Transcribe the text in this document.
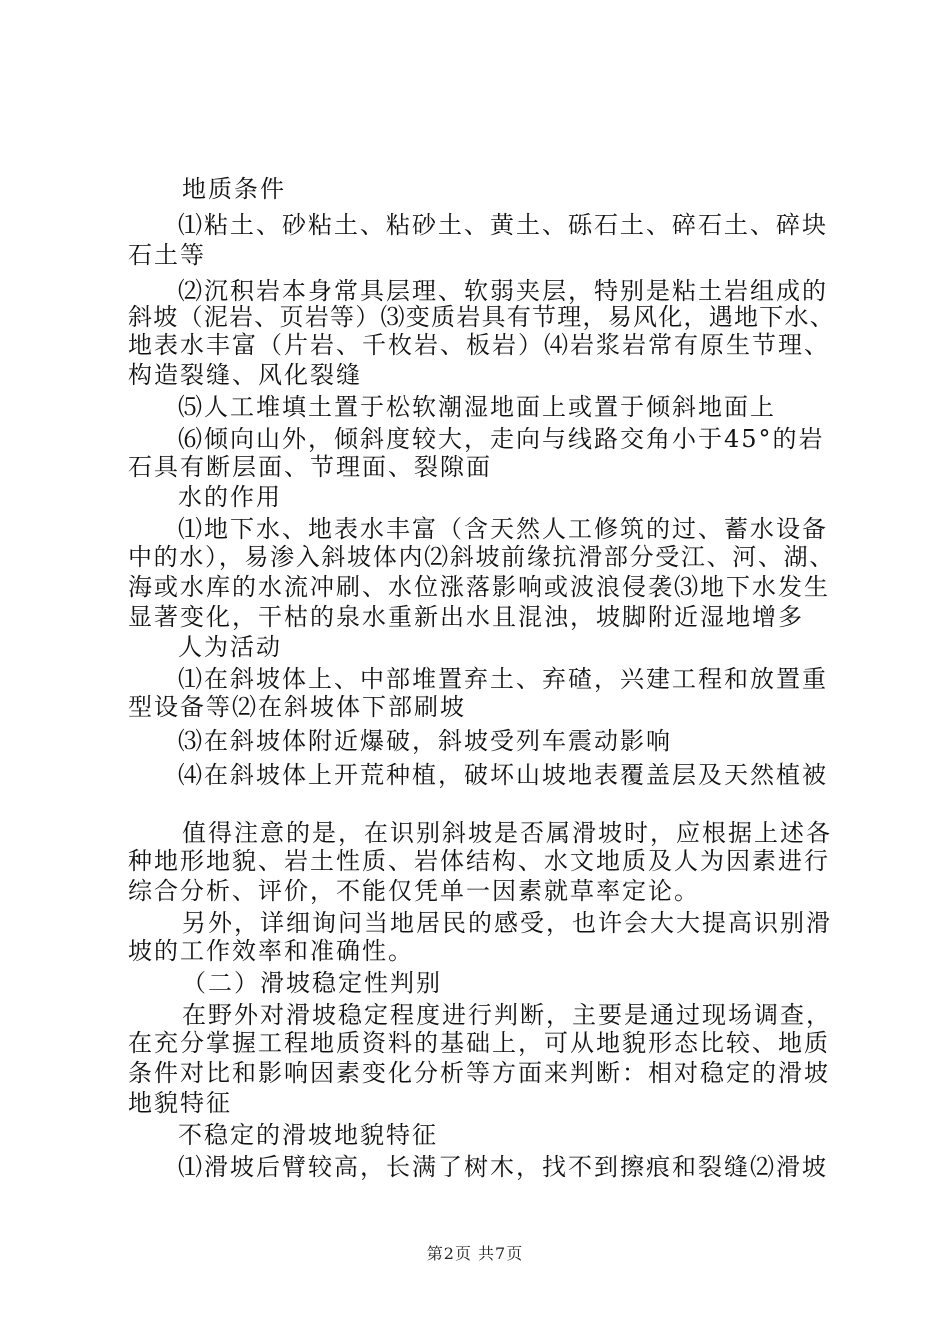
地质条件
⑴粘土、砂粘土、粘砂土、黄土、砾石土、碎石土、碎块
石土等
⑵沉积岩本身常具层理、软弱夹层，特别是粘土岩组成的
斜坡（泥岩、页岩等）⑶变质岩具有节理，易风化，遇地下水、
地表水丰富（片岩、千枚岩、板岩）⑷岩浆岩常有原生节理、
构造裂缝、风化裂缝
⑸人工堆填土置于松软潮湿地面上或置于倾斜地面上
⑹倾向山外，倾斜度较大，走向与线路交角小于45°的岩
石具有断层面、节理面、裂隙面
水的作用
⑴地下水、地表水丰富（含天然人工修筑的过、蓄水设备
中的水），易渗入斜坡体内⑵斜坡前缘抗滑部分受江、河、湖、
海或水库的水流冲刷、水位涨落影响或波浪侵袭⑶地下水发生
显著变化，干枯的泉水重新出水且混浊，坡脚附近湿地增多
人为活动
⑴在斜坡体上、中部堆置弃土、弃碴，兴建工程和放置重
型设备等⑵在斜坡体下部刷坡
⑶在斜坡体附近爆破，斜坡受列车震动影响
⑷在斜坡体上开荒种植，破坏山坡地表覆盖层及天然植被
值得注意的是，在识别斜坡是否属滑坡时，应根据上述各
种地形地貌、岩土性质、岩体结构、水文地质及人为因素进行
综合分析、评价，不能仅凭单一因素就草率定论。
另外，详细询问当地居民的感受，也许会大大提高识别滑
坡的工作效率和准确性。
（二）滑坡稳定性判别
在野外对滑坡稳定程度进行判断，主要是通过现场调查，
在充分掌握工程地质资料的基础上，可从地貌形态比较、地质
条件对比和影响因素变化分析等方面来判断：相对稳定的滑坡
地貌特征
不稳定的滑坡地貌特征
⑴滑坡后臂较高，长满了树木，找不到擦痕和裂缝⑵滑坡
第2页 共7页
